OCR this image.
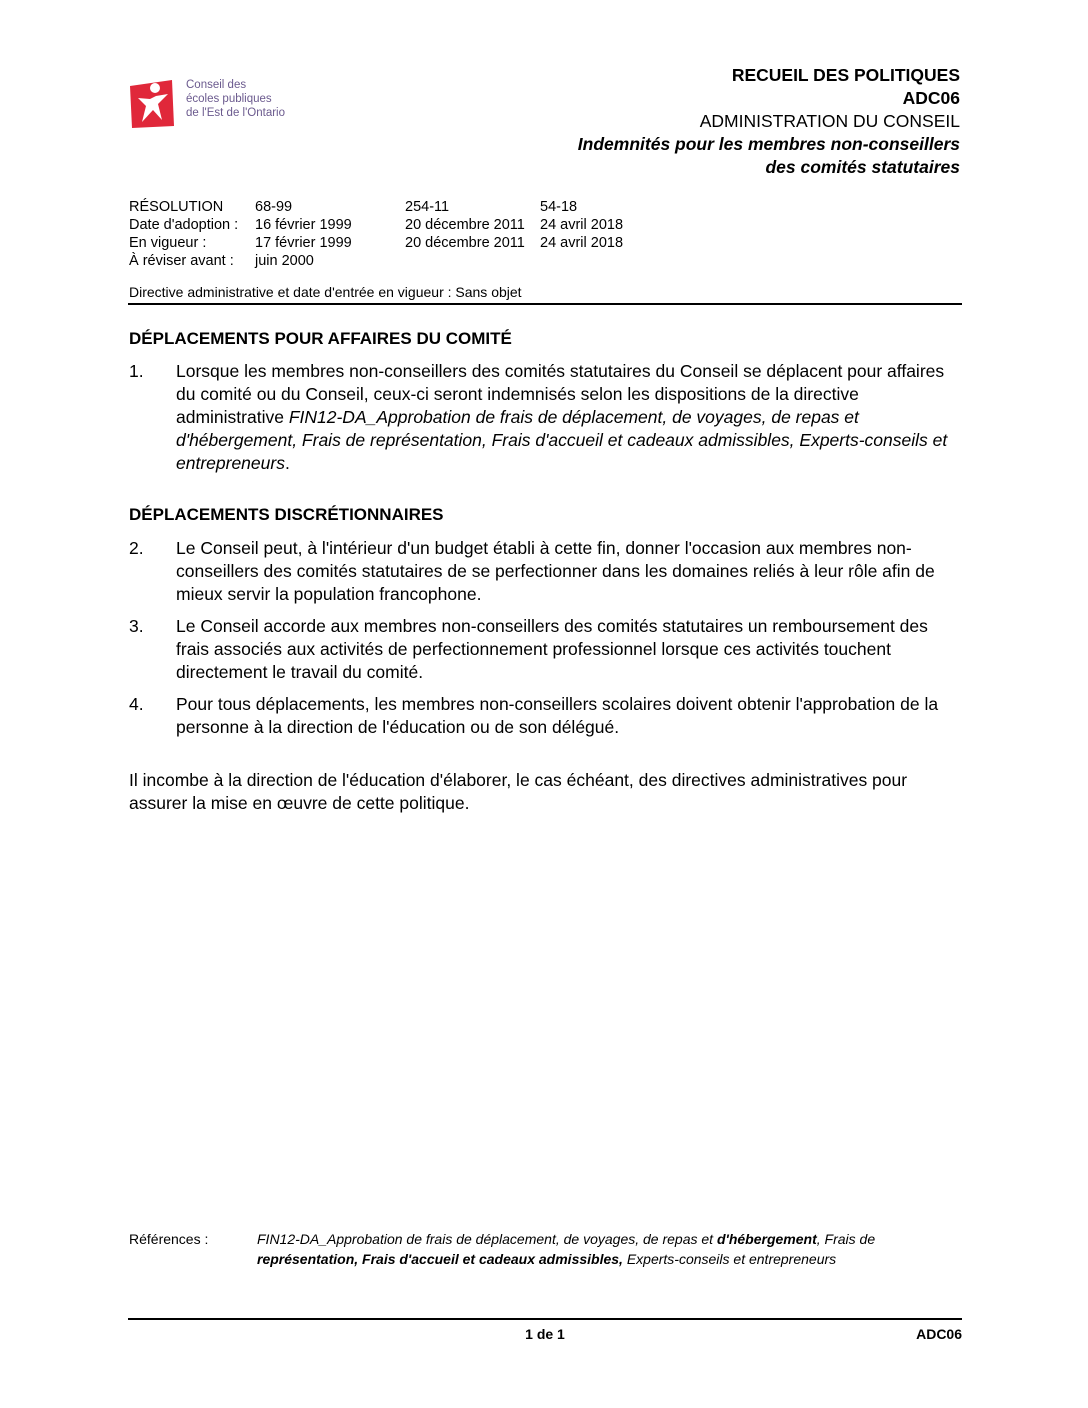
Conseil des
écoles publiques
de l'Est de l'Ontario
RECUEIL DES POLITIQUES
ADC06
ADMINISTRATION DU CONSEIL
Indemnités pour les membres non-conseillers
des comités statutaires
RÉSOLUTION 68-99	254-11	54-18
Date d'adoption : 16 février 1999	20 décembre 2011 24 avril 2018
En vigueur :	17 février 1999	20 décembre 2011 24 avril 2018
À réviser avant : juin 2000
Directive administrative et date d'entrée en vigueur : Sans objet
DÉPLACEMENTS POUR AFFAIRES DU COMITÉ
1. Lorsque les membres non-conseillers des comités statutaires du Conseil se déplacent pour affaires du comité ou du Conseil, ceux-ci seront indemnisés selon les dispositions de la directive administrative FIN12-DA_Approbation de frais de déplacement, de voyages, de repas et d'hébergement, Frais de représentation, Frais d'accueil et cadeaux admissibles, Experts-conseils et entrepreneurs.
DÉPLACEMENTS DISCRÉTIONNAIRES
2. Le Conseil peut, à l'intérieur d'un budget établi à cette fin, donner l'occasion aux membres non-conseillers des comités statutaires de se perfectionner dans les domaines reliés à leur rôle afin de mieux servir la population francophone.
3. Le Conseil accorde aux membres non-conseillers des comités statutaires un remboursement des frais associés aux activités de perfectionnement professionnel lorsque ces activités touchent directement le travail du comité.
4. Pour tous déplacements, les membres non-conseillers scolaires doivent obtenir l'approbation de la personne à la direction de l'éducation ou de son délégué.
Il incombe à la direction de l'éducation d'élaborer, le cas échéant, des directives administratives pour assurer la mise en œuvre de cette politique.
Références :	FIN12-DA_Approbation de frais de déplacement, de voyages, de repas et d'hébergement, Frais de représentation, Frais d'accueil et cadeaux admissibles, Experts-conseils et entrepreneurs
1 de 1	ADC06
